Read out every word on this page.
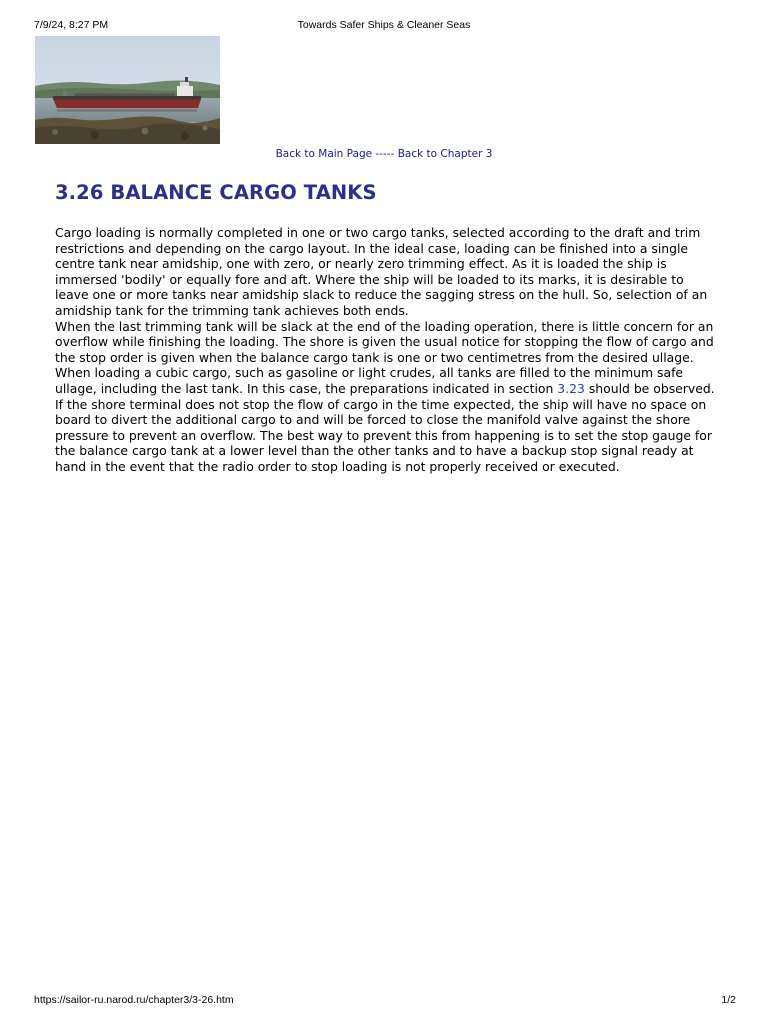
7/9/24, 8:27 PM	Towards Safer Ships & Cleaner Seas
Back to Main Page ----- Back to Chapter 3
3.26 BALANCE CARGO TANKS

Cargo loading is normally completed in one or two cargo tanks, selected according to the draft and trim restrictions and depending on the cargo layout. In the ideal case, loading can be finished into a single centre tank near amidship, one with zero, or nearly zero trimming effect. As it is loaded the ship is immersed 'bodily' or equally fore and aft. Where the ship will be loaded to its marks, it is desirable to leave one or more tanks near amidship slack to reduce the sagging stress on the hull. So, selection of an amidship tank for the trimming tank achieves both ends.

When the last trimming tank will be slack at the end of the loading operation, there is little concern for an overflow while finishing the loading. The shore is given the usual notice for stopping the flow of cargo and the stop order is given when the balance cargo tank is one or two centimetres from the desired ullage.

When loading a cubic cargo, such as gasoline or light crudes, all tanks are filled to the minimum safe ullage, including the last tank. In this case, the preparations indicated in section 3.23 should be observed. If the shore terminal does not stop the flow of cargo in the time expected, the ship will have no space on board to divert the additional cargo to and will be forced to close the manifold valve against the shore pressure to prevent an overflow. The best way to prevent this from happening is to set the stop gauge for the balance cargo tank at a lower level than the other tanks and to have a backup stop signal ready at hand in the event that the radio order to stop loading is not properly received or executed.

https://sailor-ru.narod.ru/chapter3/3-26.htm	1/2
